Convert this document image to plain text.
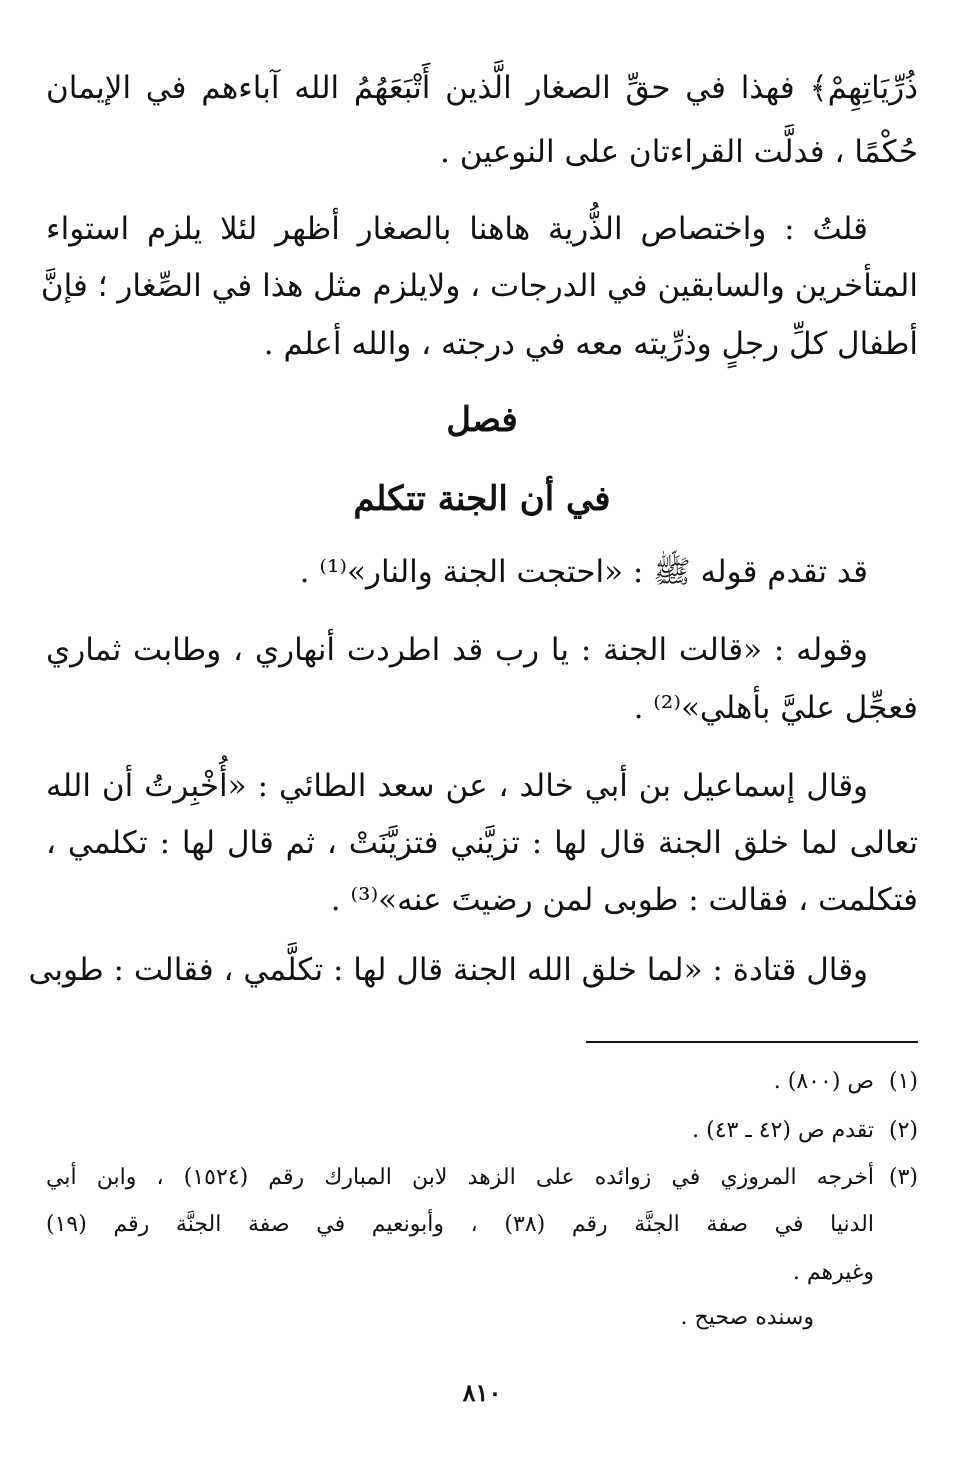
ذُرِّيَاتِهِمْ﴾ فهذا في حقِّ الصغار الَّذين أَتْبَعَهُمُ الله آباءهم في الإيمان
حُكْمًا ، فدلَّت القراءتان على النوعين .
قلتُ : واختصاص الذُّرية هاهنا بالصغار أظهر لئلا يلزم استواء
المتأخرين والسابقين في الدرجات ، ولايلزم مثل هذا في الصِّغار ؛ فإنَّ
أطفال كلِّ رجلٍ وذرِّيته معه في درجته ، والله أعلم .
فصل
في أن الجنة تتكلم
قد تقدم قوله ﷺ : «احتجت الجنة والنار»⁽¹⁾ .
وقوله : «قالت الجنة : يا رب قد اطردت أنهاري ، وطابت ثماري
فعجِّل عليَّ بأهلي»⁽²⁾ .
وقال إسماعيل بن أبي خالد ، عن سعد الطائي : «أُخْبِرتُ أن الله
تعالى لما خلق الجنة قال لها : تزيَّني فتزيَّنَتْ ، ثم قال لها : تكلمي ،
فتكلمت ، فقالت : طوبى لمن رضيتَ عنه»⁽³⁾ .
وقال قتادة : «لما خلق الله الجنة قال لها : تكلَّمي ، فقالت : طوبى
(١)ص (٨٠٠) .
(٢)تقدم ص (٤٢ ـ ٤٣) .
(٣)
أخرجه المروزي في زوائده على الزهد لابن المبارك رقم (١٥٢٤) ، وابن أبي
الدنيا في صفة الجنَّة رقم (٣٨) ، وأبونعيم في صفة الجنَّة رقم (١٩)
وغيرهم .
وسنده صحيح .
٨١٠
